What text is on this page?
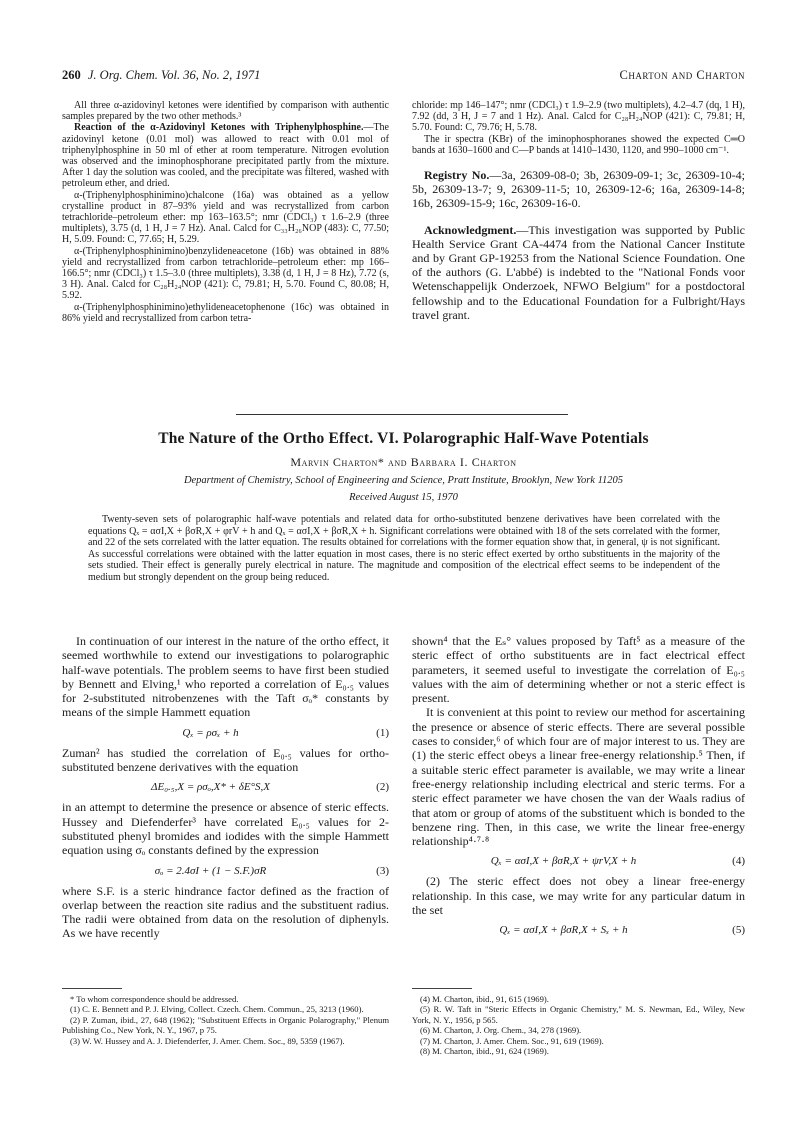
260 J. Org. Chem. Vol. 36, No. 2, 1971	Charton and Charton

All three α-azidovinyl ketones were identified by comparison with authentic samples prepared by the two other methods.³

Reaction of the α-Azidovinyl Ketones with Triphenylphosphine.—The azidovinyl ketone (0.01 mol) was allowed to react with 0.01 mol of triphenylphosphine in 50 ml of ether at room temperature. Nitrogen evolution was observed and the iminophosphorane precipitated partly from the mixture. After 1 day the solution was cooled, and the precipitate was filtered, washed with petroleum ether, and dried.

α-(Triphenylphosphinimino)chalcone (16a) was obtained as a yellow crystalline product in 87–93% yield and was recrystallized from carbon tetrachloride–petroleum ether: mp 163–163.5°; nmr (CDCl₃) τ 1.6–2.9 (three multiplets), 3.75 (d, 1 H, J = 7 Hz). Anal. Calcd for C₃₃H₂₆NOP (483): C, 77.50; H, 5.09. Found: C, 77.65; H, 5.29.

α-(Triphenylphosphinimino)benzylideneacetone (16b) was obtained in 88% yield and recrystallized from carbon tetrachloride–petroleum ether: mp 166–166.5°; nmr (CDCl₃) τ 1.5–3.0 (three multiplets), 3.38 (d, 1 H, J = 8 Hz), 7.72 (s, 3 H). Anal. Calcd for C₂₈H₂₄NOP (421): C, 79.81; H, 5.70. Found C, 80.08; H, 5.92.

α-(Triphenylphosphinimino)ethylideneacetophenone (16c) was obtained in 86% yield and recrystallized from carbon tetra-

chloride: mp 146–147°; nmr (CDCl₃) τ 1.9–2.9 (two multiplets), 4.2–4.7 (dq, 1 H), 7.92 (dd, 3 H, J = 7 and 1 Hz). Anal. Calcd for C₂₈H₂₄NOP (421): C, 79.81; H, 5.70. Found: C, 79.76; H, 5.78.

The ir spectra (KBr) of the iminophosphoranes showed the expected C═O bands at 1630–1600 and C—P bands at 1410–1430, 1120, and 990–1000 cm⁻¹.

Registry No.—3a, 26309-08-0; 3b, 26309-09-1; 3c, 26309-10-4; 5b, 26309-13-7; 9, 26309-11-5; 10, 26309-12-6; 16a, 26309-14-8; 16b, 26309-15-9; 16c, 26309-16-0.

Acknowledgment.—This investigation was supported by Public Health Service Grant CA-4474 from the National Cancer Institute and by Grant GP-19253 from the National Science Foundation. One of the authors (G. L'abbé) is indebted to the "National Fonds voor Wetenschappelijk Onderzoek, NFWO Belgium" for a postdoctoral fellowship and to the Educational Foundation for a Fulbright/Hays travel grant.

The Nature of the Ortho Effect. VI. Polarographic Half-Wave Potentials
Marvin Charton* and Barbara I. Charton
Department of Chemistry, School of Engineering and Science, Pratt Institute, Brooklyn, New York 11205
Received August 15, 1970

Twenty-seven sets of polarographic half-wave potentials and related data for ortho-substituted benzene derivatives have been correlated with the equations Qₓ = ασI,X + βσR,X + φrV + h and Qₓ = ασI,X + βσR,X + h. Significant correlations were obtained with 18 of the sets correlated with the former, and 22 of the sets correlated with the latter equation. The results obtained for correlations with the former equation show that, in general, ψ is not significant. As successful correlations were obtained with the latter equation in most cases, there is no steric effect exerted by ortho substituents in the majority of the sets studied. Their effect is generally purely electrical in nature. The magnitude and composition of the electrical effect seems to be independent of the medium but strongly dependent on the group being reduced.

In continuation of our interest in the nature of the ortho effect, it seemed worthwhile to extend our investigations to polarographic half-wave potentials. The problem seems to have first been studied by Bennett and Elving,¹ who reported a correlation of E₀.₅ values for 2-substituted nitrobenzenes with the Taft σₒ* constants by means of the simple Hammett equation

Qₓ = ρσₓ + h	(1)

Zuman² has studied the correlation of E₀.₅ values for ortho-substituted benzene derivatives with the equation

ΔE₀.₅,X = ρσₒ,X* + δE°S,X	(2)

in an attempt to determine the presence or absence of steric effects. Hussey and Diefenderfer³ have correlated E₀.₅ values for 2-substituted phenyl bromides and iodides with the simple Hammett equation using σₒ constants defined by the expression

σₒ = 2.4σI + (1 − S.F.)σR	(3)

where S.F. is a steric hindrance factor defined as the fraction of overlap between the reaction site radius and the substituent radius. The radii were obtained from data on the resolution of diphenyls. As we have recently

shown⁴ that the Eₛ° values proposed by Taft⁵ as a measure of the steric effect of ortho substituents are in fact electrical effect parameters, it seemed useful to investigate the correlation of E₀.₅ values with the aim of determining whether or not a steric effect is present.

It is convenient at this point to review our method for ascertaining the presence or absence of steric effects. There are several possible cases to consider,⁶ of which four are of major interest to us. They are (1) the steric effect obeys a linear free-energy relationship.⁵ Then, if a suitable steric effect parameter is available, we may write a linear free-energy relationship including electrical and steric terms. For a steric effect parameter we have chosen the van der Waals radius of that atom or group of atoms of the substituent which is bonded to the benzene ring. Then, in this case, we write the linear free-energy relationship⁴·⁷·⁸

Qₓ = ασI,X + βσR,X + ψrV,X + h	(4)

(2) The steric effect does not obey a linear free-energy relationship. In this case, we may write for any particular datum in the set

Qₓ = ασI,X + βσR,X + Sₓ + h	(5)

* To whom correspondence should be addressed.

(1) C. E. Bennett and P. J. Elving, Collect. Czech. Chem. Commun., 25, 3213 (1960).

(2) P. Zuman, ibid., 27, 648 (1962); "Substituent Effects in Organic Polarography," Plenum Publishing Co., New York, N. Y., 1967, p 75.

(3) W. W. Hussey and A. J. Diefenderfer, J. Amer. Chem. Soc., 89, 5359 (1967).

(4) M. Charton, ibid., 91, 615 (1969).

(5) R. W. Taft in "Steric Effects in Organic Chemistry," M. S. Newman, Ed., Wiley, New York, N. Y., 1956, p 565.

(6) M. Charton, J. Org. Chem., 34, 278 (1969).

(7) M. Charton, J. Amer. Chem. Soc., 91, 619 (1969).

(8) M. Charton, ibid., 91, 624 (1969).
